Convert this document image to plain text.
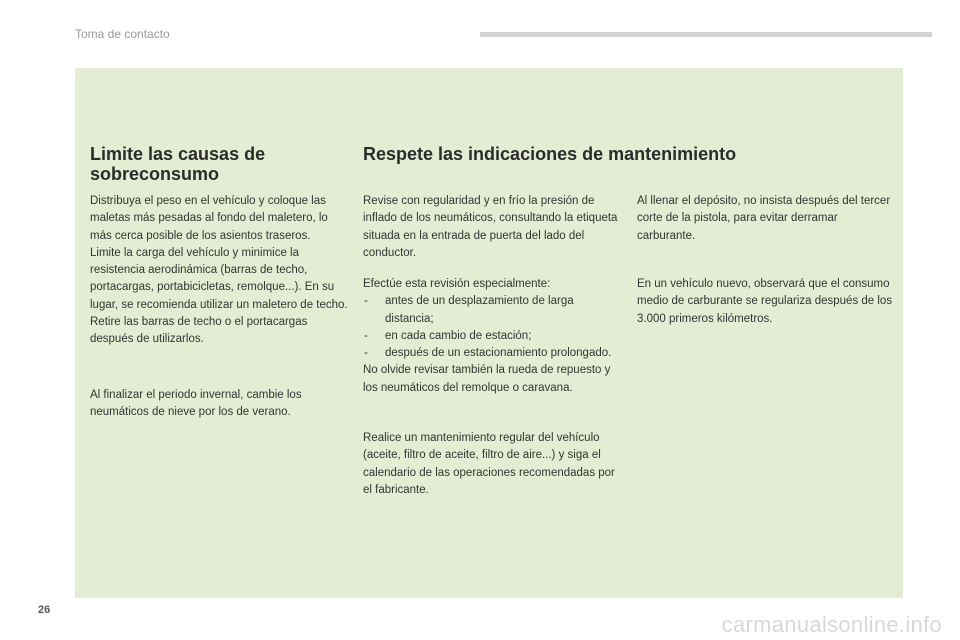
Toma de contacto
Limite las causas de sobreconsumo

Distribuya el peso en el vehículo y coloque las maletas más pesadas al fondo del maletero, lo más cerca posible de los asientos traseros.

Limite la carga del vehículo y minimice la resistencia aerodinámica (barras de techo, portacargas, portabicicletas, remolque...). En su lugar, se recomienda utilizar un maletero de techo.

Retire las barras de techo o el portacargas después de utilizarlos.

Al finalizar el periodo invernal, cambie los neumáticos de nieve por los de verano.

Respete las indicaciones de mantenimiento

Revise con regularidad y en frío la presión de inflado de los neumáticos, consultando la etiqueta situada en la entrada de puerta del lado del conductor.

Efectúe esta revisión especialmente:

- antes de un desplazamiento de larga distancia;
- en cada cambio de estación;
- después de un estacionamiento prolongado.

No olvide revisar también la rueda de repuesto y los neumáticos del remolque o caravana.

Realice un mantenimiento regular del vehículo (aceite, filtro de aceite, filtro de aire...) y siga el calendario de las operaciones recomendadas por el fabricante.

Al llenar el depósito, no insista después del tercer corte de la pistola, para evitar derramar carburante.

En un vehículo nuevo, observará que el consumo medio de carburante se regulariza después de los 3.000 primeros kilómetros.

26
carmanualsonline.info
